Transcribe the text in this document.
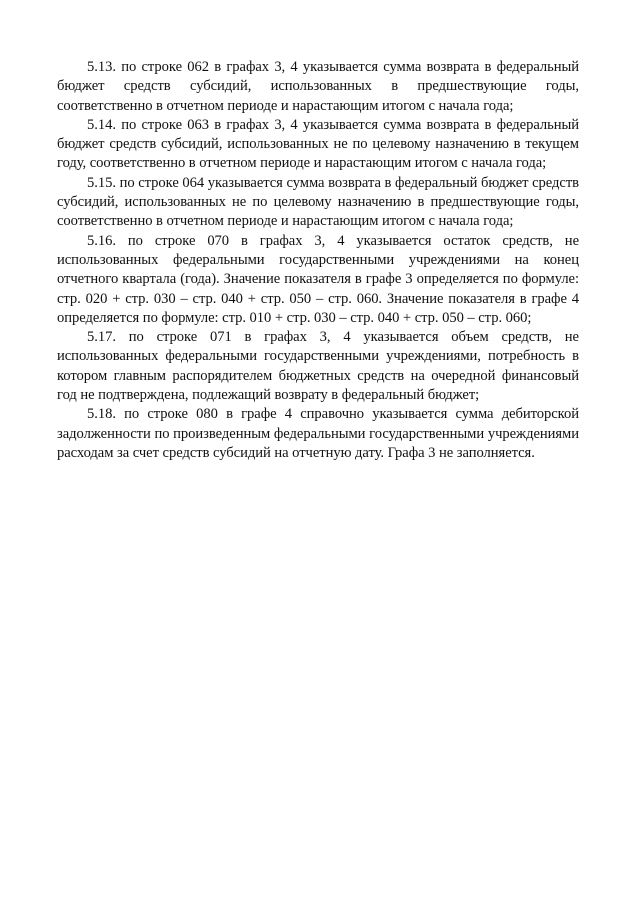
5.13. по строке 062 в графах 3, 4 указывается сумма возврата в федеральный бюджет средств субсидий, использованных в предшествующие годы, соответственно в отчетном периоде и нарастающим итогом с начала года;

5.14. по строке 063 в графах 3, 4 указывается сумма возврата в федеральный бюджет средств субсидий, использованных не по целевому назначению в текущем году, соответственно в отчетном периоде и нарастающим итогом с начала года;

5.15. по строке 064 указывается сумма возврата в федеральный бюджет средств субсидий, использованных не по целевому назначению в предшествующие годы, соответственно в отчетном периоде и нарастающим итогом с начала года;

5.16. по строке 070 в графах 3, 4 указывается остаток средств, не использованных федеральными государственными учреждениями на конец отчетного квартала (года). Значение показателя в графе 3 определяется по формуле: стр. 020 + стр. 030 – стр. 040 + стр. 050 – стр. 060. Значение показателя в графе 4 определяется по формуле: стр. 010 + стр. 030 – стр. 040 + стр. 050 – стр. 060;

5.17. по строке 071 в графах 3, 4 указывается объем средств, не использованных федеральными государственными учреждениями, потребность в котором главным распорядителем бюджетных средств на очередной финансовый год не подтверждена, подлежащий возврату в федеральный бюджет;

5.18. по строке 080 в графе 4 справочно указывается сумма дебиторской задолженности по произведенным федеральными государственными учреждениями расходам за счет средств субсидий на отчетную дату. Графа 3 не заполняется.
